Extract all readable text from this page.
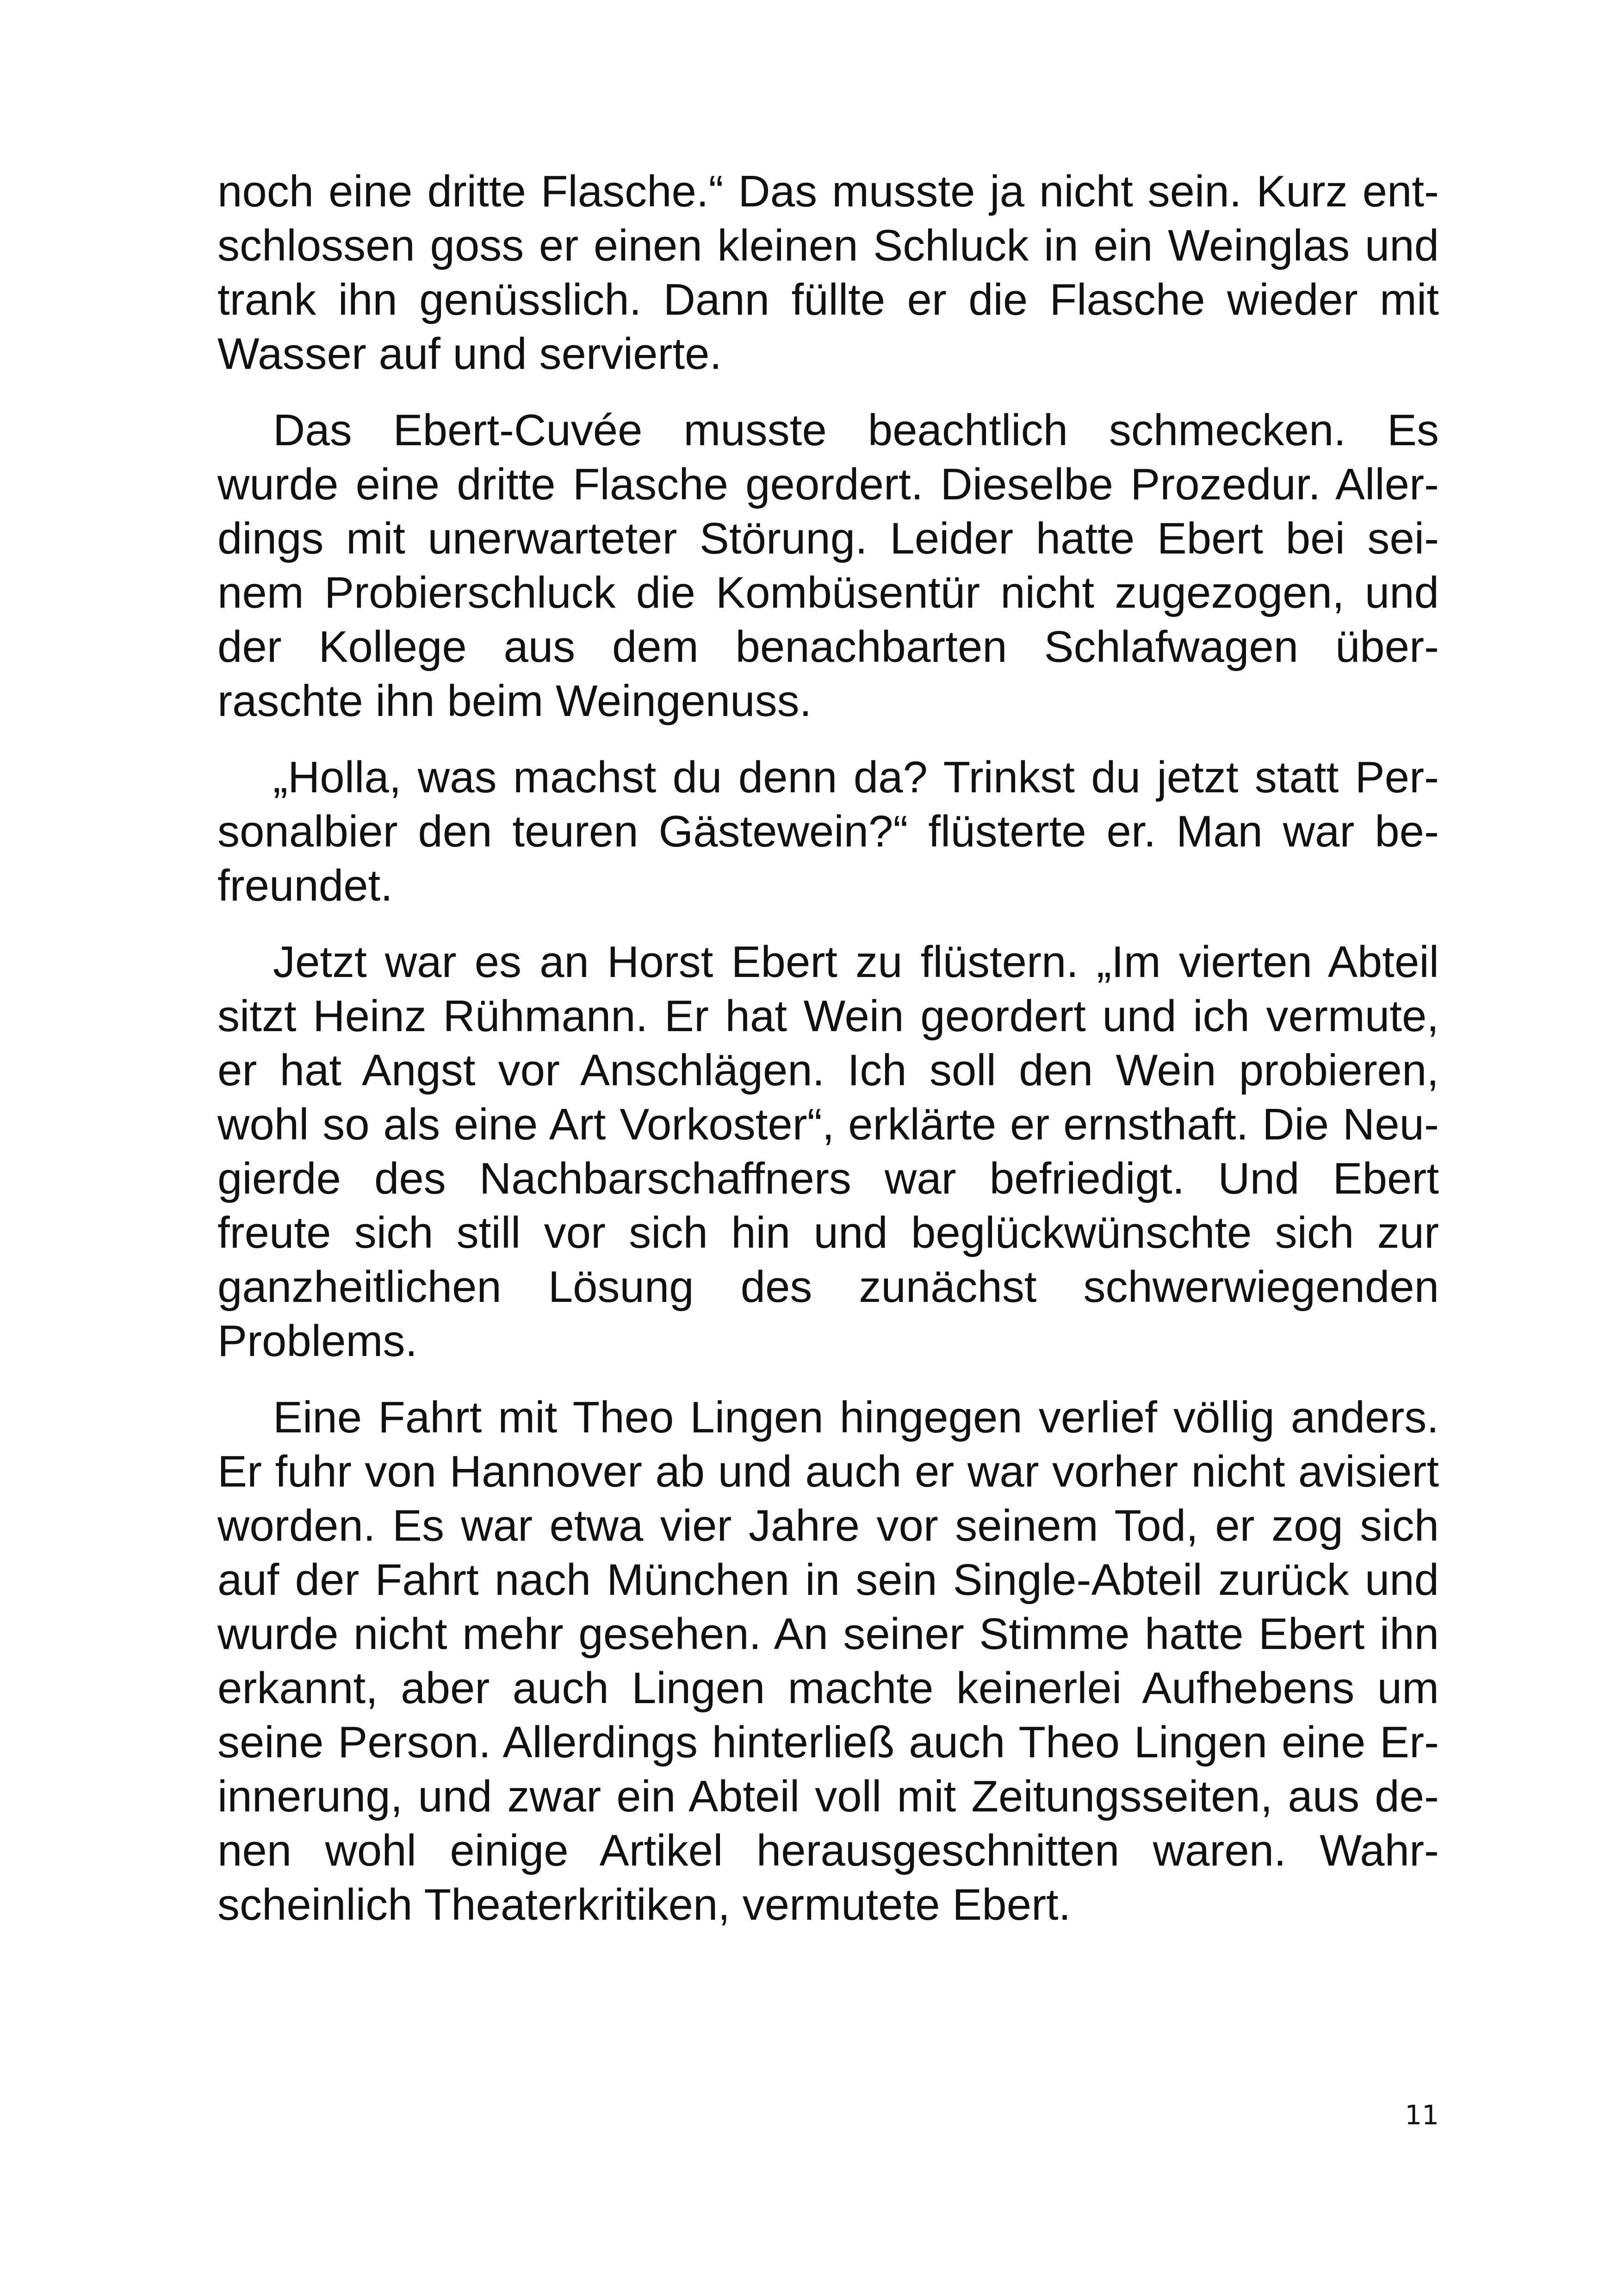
noch eine dritte Flasche.“ Das musste ja nicht sein. Kurz ent-
schlossen goss er einen kleinen Schluck in ein Weinglas und
trank ihn genüsslich. Dann füllte er die Flasche wieder mit
Wasser auf und servierte.
Das Ebert-Cuvée musste beachtlich schmecken. Es
wurde eine dritte Flasche geordert. Dieselbe Prozedur. Aller-
dings mit unerwarteter Störung. Leider hatte Ebert bei sei-
nem Probierschluck die Kombüsentür nicht zugezogen, und
der Kollege aus dem benachbarten Schlafwagen über-
raschte ihn beim Weingenuss.
„Holla, was machst du denn da? Trinkst du jetzt statt Per-
sonalbier den teuren Gästewein?“ flüsterte er. Man war be-
freundet.
Jetzt war es an Horst Ebert zu flüstern. „Im vierten Abteil
sitzt Heinz Rühmann. Er hat Wein geordert und ich vermute,
er hat Angst vor Anschlägen. Ich soll den Wein probieren,
wohl so als eine Art Vorkoster“, erklärte er ernsthaft. Die Neu-
gierde des Nachbarschaffners war befriedigt. Und Ebert
freute sich still vor sich hin und beglückwünschte sich zur
ganzheitlichen Lösung des zunächst schwerwiegenden
Problems.
Eine Fahrt mit Theo Lingen hingegen verlief völlig anders.
Er fuhr von Hannover ab und auch er war vorher nicht avisiert
worden. Es war etwa vier Jahre vor seinem Tod, er zog sich
auf der Fahrt nach München in sein Single-Abteil zurück und
wurde nicht mehr gesehen. An seiner Stimme hatte Ebert ihn
erkannt, aber auch Lingen machte keinerlei Aufhebens um
seine Person. Allerdings hinterließ auch Theo Lingen eine Er-
innerung, und zwar ein Abteil voll mit Zeitungsseiten, aus de-
nen wohl einige Artikel herausgeschnitten waren. Wahr-
scheinlich Theaterkritiken, vermutete Ebert.
11
